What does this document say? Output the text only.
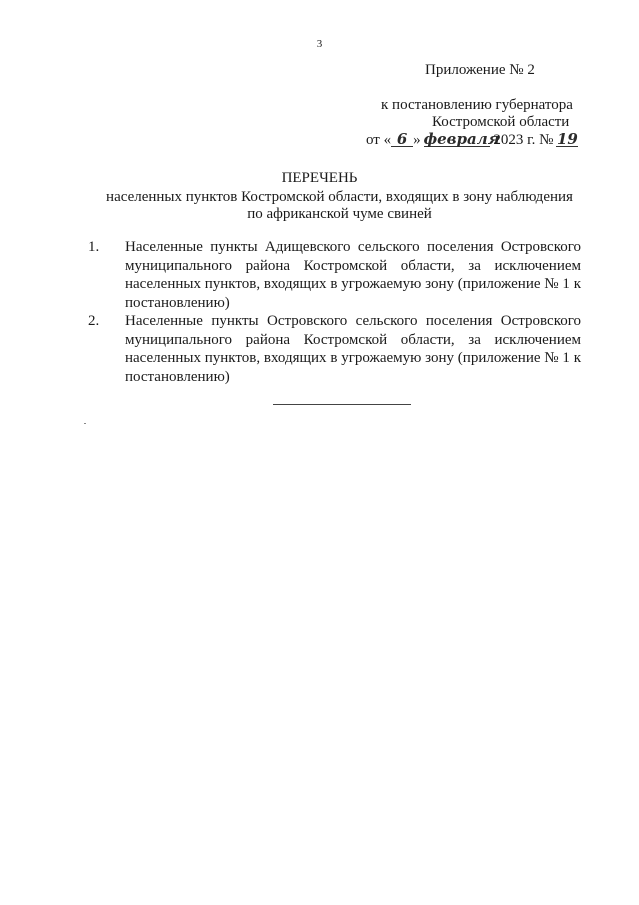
3
Приложение № 2
к постановлению губернатора
Костромской области
от « 6 » февраля 2023 г. № 19
ПЕРЕЧЕНЬ
населенных пунктов Костромской области, входящих в зону наблюдения
по африканской чуме свиней
1.	Населенные пункты Адищевского сельского поселения Островского муниципального района Костромской области, за исключением населенных пунктов, входящих в угрожаемую зону (приложение № 1 к постановлению)
2.	Населенные пункты Островского сельского поселения Островского муниципального района Костромской области, за исключением населенных пунктов, входящих в угрожаемую зону (приложение № 1 к постановлению)
